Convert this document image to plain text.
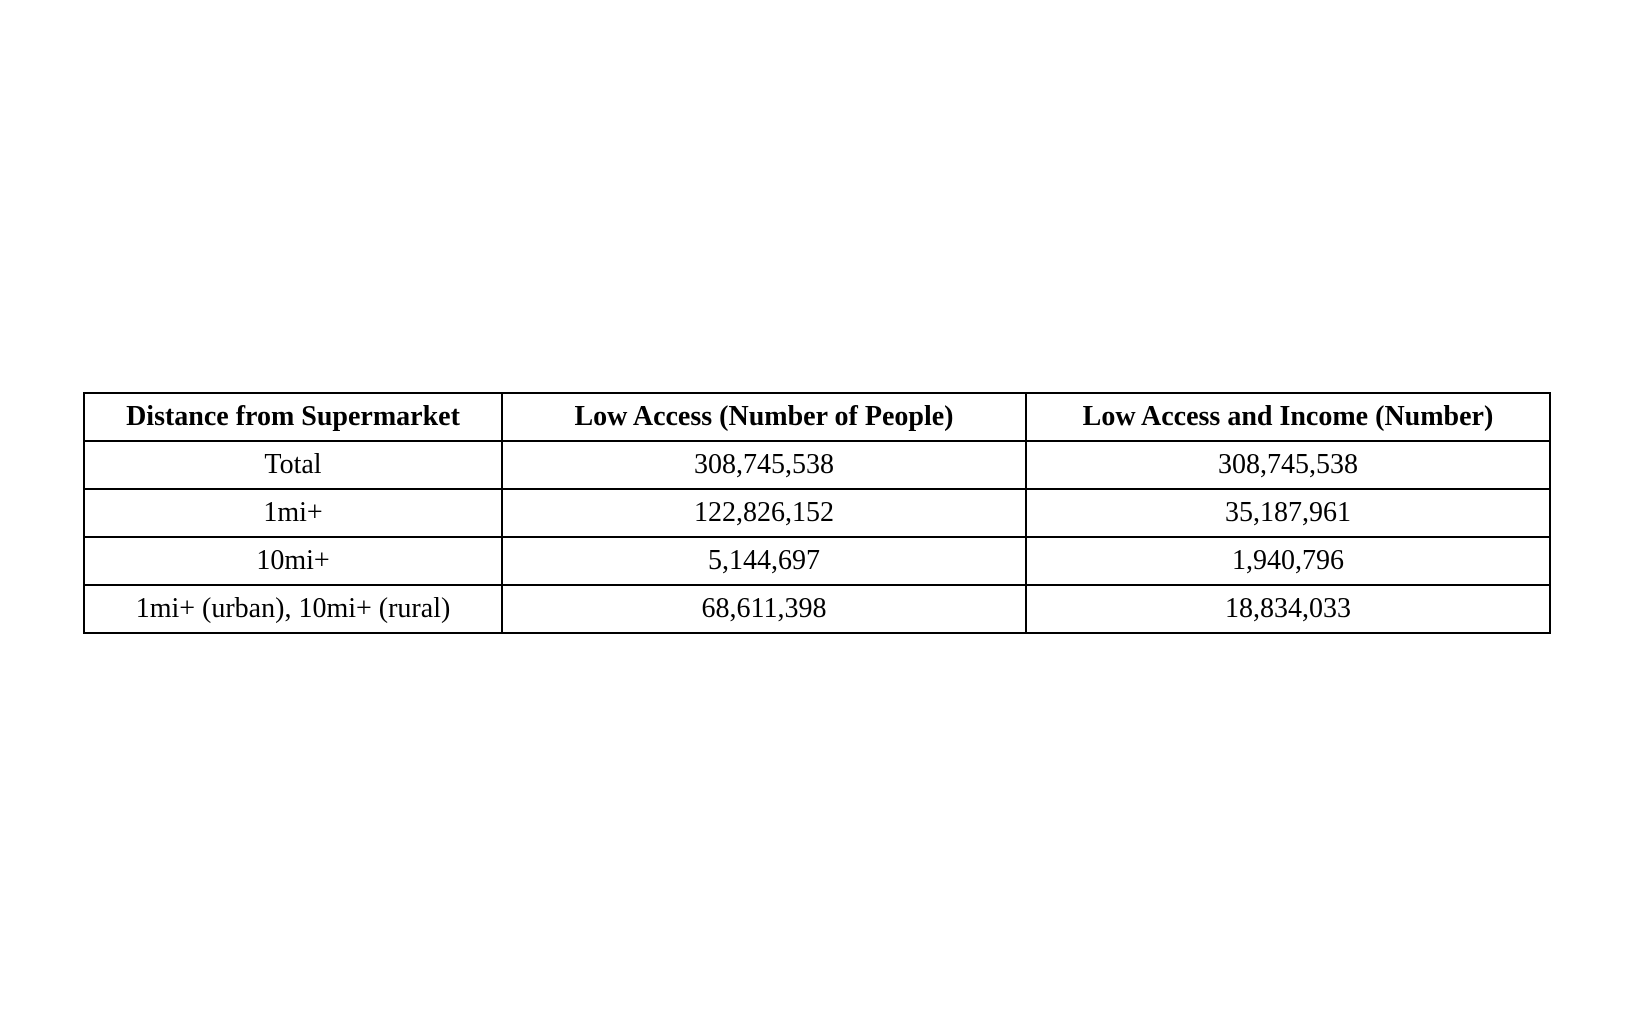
Distance from Supermarket	Low Access (Number of People)	Low Access and Income (Number)
Total	308,745,538	308,745,538
1mi+	122,826,152	35,187,961
10mi+	5,144,697	1,940,796
1mi+ (urban), 10mi+ (rural)	68,611,398	18,834,033
